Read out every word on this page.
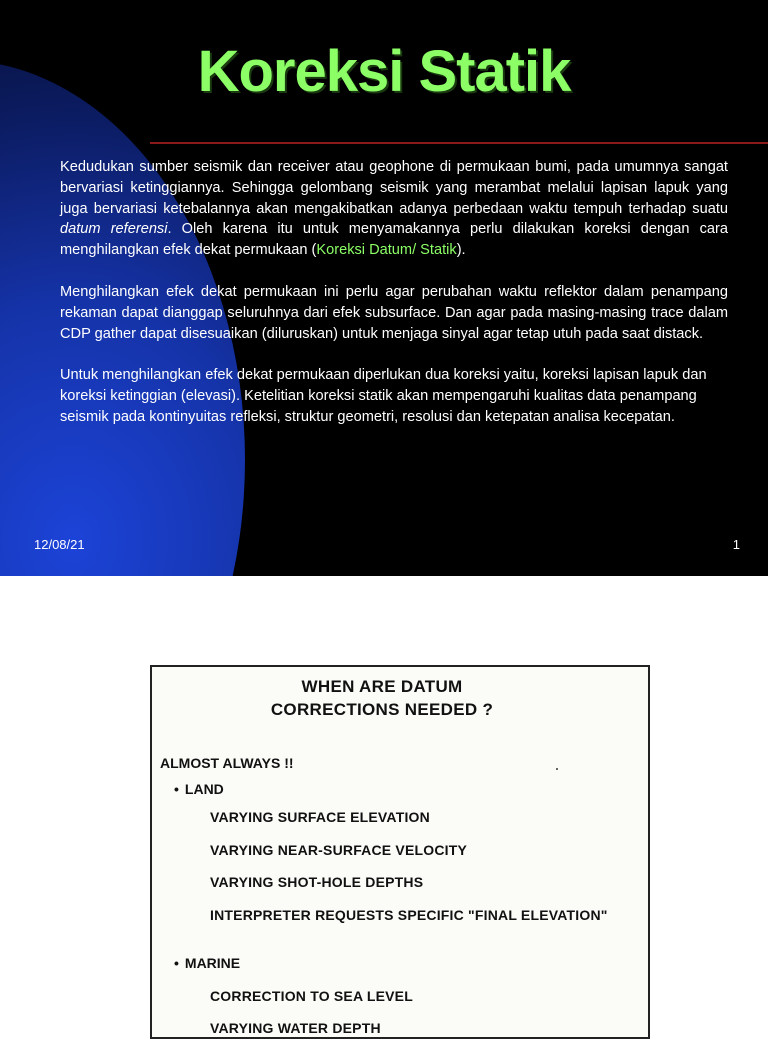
Koreksi Statik

Kedudukan sumber seismik dan receiver atau geophone di permukaan bumi, pada umumnya sangat bervariasi ketinggiannya. Sehingga gelombang seismik yang merambat melalui lapisan lapuk yang juga bervariasi ketebalannya akan mengakibatkan adanya perbedaan waktu tempuh terhadap suatu datum referensi. Oleh karena itu untuk menyamakannya perlu dilakukan koreksi dengan cara menghilangkan efek dekat permukaan (Koreksi Datum/ Statik).

Menghilangkan efek dekat permukaan ini perlu agar perubahan waktu reflektor dalam penampang rekaman dapat dianggap seluruhnya dari efek subsurface. Dan agar pada masing-masing trace dalam CDP gather dapat disesuaikan (diluruskan) untuk menjaga sinyal agar tetap utuh pada saat distack.

Untuk menghilangkan efek dekat permukaan diperlukan dua koreksi yaitu, koreksi lapisan lapuk dan koreksi ketinggian (elevasi). Ketelitian koreksi statik akan mempengaruhi kualitas data penampang seismik pada kontinyuitas refleksi, struktur geometri, resolusi dan ketepatan analisa kecepatan.

12/08/21	1
WHEN ARE DATUM
CORRECTIONS NEEDED ?
ALMOST ALWAYS !!
• LAND
VARYING SURFACE ELEVATION
VARYING NEAR-SURFACE VELOCITY
VARYING SHOT-HOLE DEPTHS
INTERPRETER REQUESTS SPECIFIC "FINAL ELEVATION"
• MARINE
CORRECTION TO SEA LEVEL
VARYING WATER DEPTH
